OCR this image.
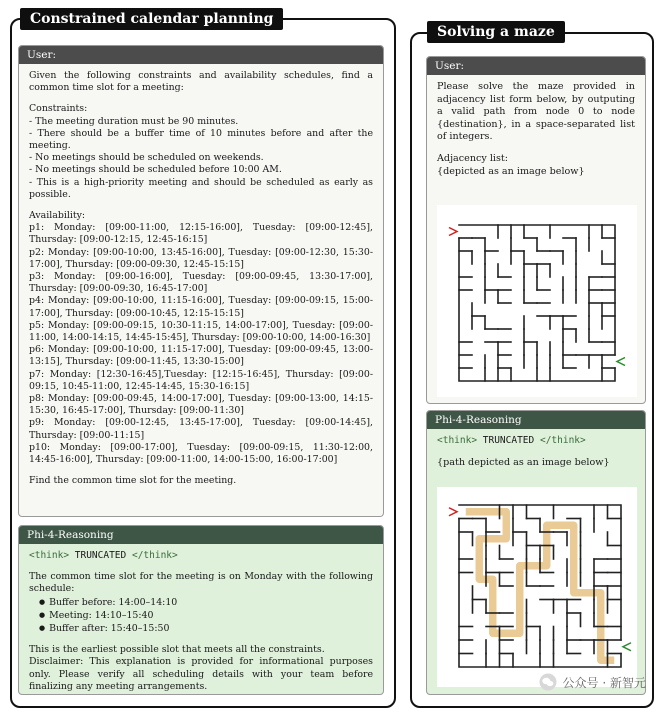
Constrained calendar planning
User:

Given the following constraints and availability schedules, find a common time slot for a meeting:

Constraints:

- The meeting duration must be 90 minutes.

- There should be a buffer time of 10 minutes before and after the meeting.

- No meetings should be scheduled on weekends.

- No meetings should be scheduled before 10:00 AM.

- This is a high-priority meeting and should be scheduled as early as possible.

Availability:

p1: Monday: [09:00-11:00, 12:15-16:00], Tuesday: [09:00-12:45], Thursday: [09:00-12:15, 12:45-16:15]

p2: Monday: [09:00-10:00, 13:45-16:00], Tuesday: [09:00-12:30, 15:30-17:00], Thursday: [09:00-09:30, 12:45-15:15]

p3: Monday: [09:00-16:00], Tuesday: [09:00-09:45, 13:30-17:00], Thursday: [09:00-09:30, 16:45-17:00]

p4: Monday: [09:00-10:00, 11:15-16:00], Tuesday: [09:00-09:15, 15:00-17:00], Thursday: [09:00-10:45, 12:15-15:15]

p5: Monday: [09:00-09:15, 10:30-11:15, 14:00-17:00], Tuesday: [09:00-11:00, 14:00-14:15, 14:45-15:45], Thursday: [09:00-10:00, 14:00-16:30]

p6: Monday: [09:00-10:00, 11:15-17:00], Tuesday: [09:00-09:45, 13:00-13:15], Thursday: [09:00-11:45, 13:30-15:00]

p7: Monday: [12:30-16:45],Tuesday: [12:15-16:45], Thursday: [09:00-09:15, 10:45-11:00, 12:45-14:45, 15:30-16:15]

p8: Monday: [09:00-09:45, 14:00-17:00], Tuesday: [09:00-13:00, 14:15-15:30, 16:45-17:00], Thursday: [09:00-11:30]

p9: Monday: [09:00-12:45, 13:45-17:00], Tuesday: [09:00-14:45], Thursday: [09:00-11:15]

p10: Monday: [09:00-17:00], Tuesday: [09:00-09:15, 11:30-12:00, 14:45-16:00], Thursday: [09:00-11:00, 14:00-15:00, 16:00-17:00]

Find the common time slot for the meeting.

Phi-4-Reasoning

<think> TRUNCATED </think>

The common time slot for the meeting is on Monday with the following schedule:

● Buffer before: 14:00–14:10
● Meeting: 14:10–15:40
● Buffer after: 15:40–15:50

This is the earliest possible slot that meets all the constraints.

Disclaimer: This explanation is provided for informational purposes only. Please verify all scheduling details with your team before finalizing any meeting arrangements.

Solving a maze
User:

Please solve the maze provided in adjacency list form below, by outputing a valid path from node 0 to node {destination}, in a space-separated list of integers.

Adjacency list:

{depicted as an image below}

Phi-4-Reasoning

<think> TRUNCATED </think>

{path depicted as an image below}

公众号 · 新智元
